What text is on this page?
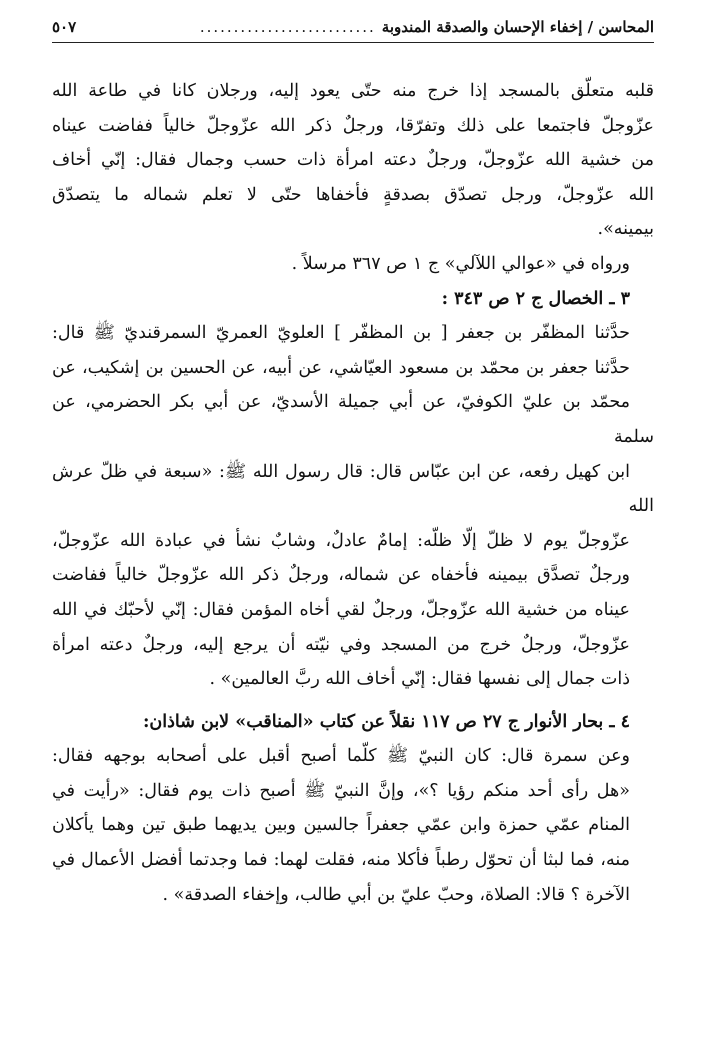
المحاسن / إخفاء الإحسان والصدقة المندوبة
..........................
٥٠٧

قلبه متعلّق بالمسجد إذا خرج منه حتّى يعود إليه، ورجلان كانا في طاعة الله
عزّوجلّ فاجتمعا على ذلك وتفرّقا، ورجلٌ ذكر الله عزّوجلّ خالياً ففاضت عيناه
من خشية الله عزّوجلّ، ورجلٌ دعته امرأة ذات حسب وجمال فقال: إنّي أخاف
الله عزّوجلّ، ورجل تصدّق بصدقةٍ فأخفاها حتّى لا تعلم شماله ما يتصدّق
بيمينه».

ورواه في «عوالي اللآلي» ج ١ ص ٣٦٧ مرسلاً .

٣ ـ الخصال ج ٢ ص ٣٤٣ :

حدَّثنا المظفّر بن جعفر [ بن المظفّر ] العلويّ العمريّ السمرقنديّ ﷺ قال:
حدَّثنا جعفر بن محمّد بن مسعود العيّاشي، عن أبيه، عن الحسين بن إشكيب، عن
محمّد بن عليّ الكوفيّ، عن أبي جميلة الأسديّ، عن أبي بكر الحضرمي، عن سلمة
ابن كهيل رفعه، عن ابن عبّاس قال: قال رسول الله ﷺ: «سبعة في ظلّ عرش الله
عزّوجلّ يوم لا ظلّ إلّا ظلّه: إمامٌ عادلٌ، وشابٌ نشأ في عبادة الله عزّوجلّ،
ورجلٌ تصدَّق بيمينه فأخفاه عن شماله، ورجلٌ ذكر الله عزّوجلّ خالياً ففاضت
عيناه من خشية الله عزّوجلّ، ورجلٌ لقي أخاه المؤمن فقال: إنّي لأحبّك في الله
عزّوجلّ، ورجلٌ خرج من المسجد وفي نيّته أن يرجع إليه، ورجلٌ دعته امرأة
ذات جمال إلى نفسها فقال: إنّي أخاف الله ربَّ العالمين» .

٤ ـ بحار الأنوار ج ٢٧ ص ١١٧ نقلاً عن كتاب «المناقب» لابن شاذان:

وعن سمرة قال: كان النبيّ ﷺ كلّما أصبح أقبل على أصحابه بوجهه فقال:
«هل رأى أحد منكم رؤيا ؟»، وإنَّ النبيّ ﷺ أصبح ذات يوم فقال: «رأيت في
المنام عمّي حمزة وابن عمّي جعفراً جالسين وبين يديهما طبق تين وهما يأكلان
منه، فما لبثا أن تحوّل رطباً فأكلا منه، فقلت لهما: فما وجدتما أفضل الأعمال في
الآخرة ؟ قالا: الصلاة، وحبّ عليّ بن أبي طالب، وإخفاء الصدقة» .
